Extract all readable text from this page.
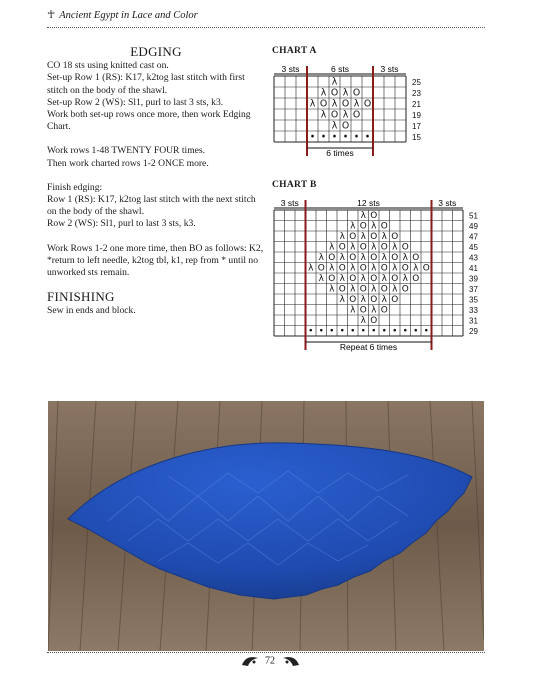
☥ Ancient Egypt in Lace and Color
EDGING

CO 18 sts using knitted cast on.

Set-up Row 1 (RS): K17, k2tog last stitch with first stitch on the body of the shawl.

Set-up Row 2 (WS): Sl1, purl to last 3 sts, k3.

Work both set-up rows once more, then work Edging Chart.

Work rows 1-48 TWENTY FOUR times.

Then work charted rows 1-2 ONCE more.

Finish edging:

Row 1 (RS): K17, k2tog last stitch with the next stitch on the body of the shawl.

Row 2 (WS): Sl1, purl to last 3 sts, k3.

Work Rows 1-2 one more time, then BO as follows: K2, *return to left needle, k2tog tbl, k1, rep from * until no unworked sts remain.

FINISHING

Sew in ends and block.

CHART A
3 sts	6 sts	3 sts
λ	25
λ O λ O	23
λ O λ O λ O	21
λ O λ O	19
λ O	17
• • • • • •	15
6 times
CHART B
3 sts	12 sts	3 sts
λ O	51
λ O λ O	49
λ O λ O λ O	47
λ O λ O λ O λ O	45
λ O λ O λ O λ O λ O	43
λ O λ O λ O λ O λ O λ O	41
λ O λ O λ O λ O λ O	39
λ O λ O λ O λ O	37
λ O λ O λ O	35
λ O λ O	33
λ O	31
• • • • • • • • • • • •	29
Repeat 6 times
72
